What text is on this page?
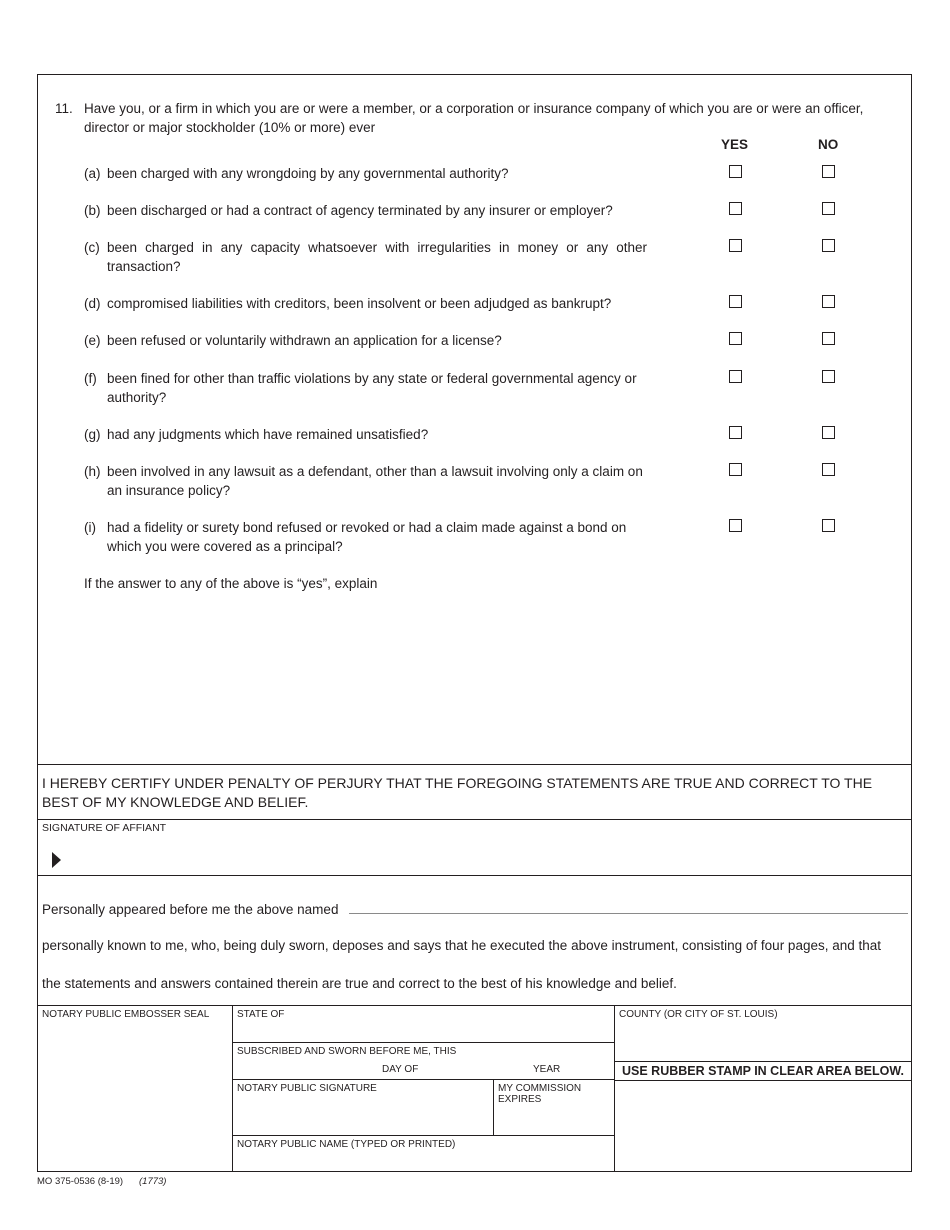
11. Have you, or a firm in which you are or were a member, or a corporation or insurance company of which you are or were an officer, director or major stockholder (10% or more) ever
YES	NO
(a) been charged with any wrongdoing by any governmental authority?
(b) been discharged or had a contract of agency terminated by any insurer or employer?
(c) been charged in any capacity whatsoever with irregularities in money or any other transaction?
(d) compromised liabilities with creditors, been insolvent or been adjudged as bankrupt?
(e) been refused or voluntarily withdrawn an application for a license?
(f) been fined for other than traffic violations by any state or federal governmental agency or authority?
(g) had any judgments which have remained unsatisfied?
(h) been involved in any lawsuit as a defendant, other than a lawsuit involving only a claim on an insurance policy?
(i) had a fidelity or surety bond refused or revoked or had a claim made against a bond on which you were covered as a principal?
If the answer to any of the above is “yes”, explain
I HEREBY CERTIFY UNDER PENALTY OF PERJURY THAT THE FOREGOING STATEMENTS ARE TRUE AND CORRECT TO THE BEST OF MY KNOWLEDGE AND BELIEF.
SIGNATURE OF AFFIANT
Personally appeared before me the above named
personally known to me, who, being duly sworn, deposes and says that he executed the above instrument, consisting of four pages, and that
the statements and answers contained therein are true and correct to the best of his knowledge and belief.
NOTARY PUBLIC EMBOSSER SEAL	STATE OF	COUNTY (OR CITY OF ST. LOUIS)
SUBSCRIBED AND SWORN BEFORE ME, THIS
DAY OF	YEAR	USE RUBBER STAMP IN CLEAR AREA BELOW.
NOTARY PUBLIC SIGNATURE	MY COMMISSION EXPIRES
NOTARY PUBLIC NAME (TYPED OR PRINTED)
MO 375-0536 (8-19) (1773)
